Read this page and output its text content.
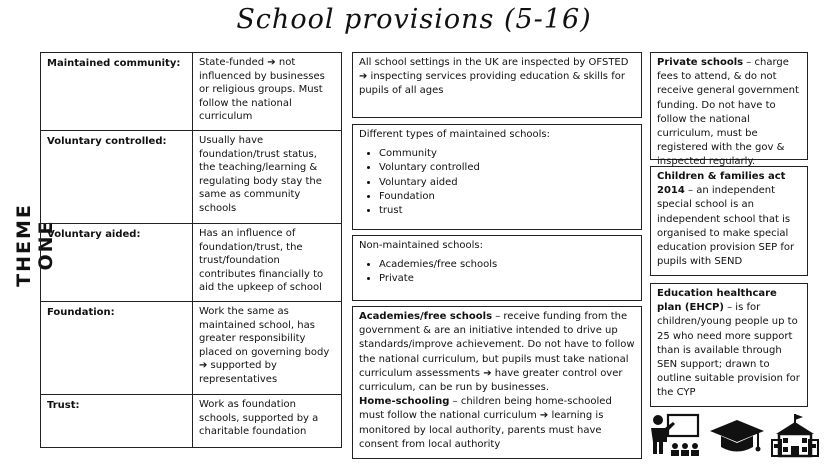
School provisions (5-16)
THEME ONE
Maintained community:	State-funded ➔ not influenced by businesses or religious groups. Must follow the national curriculum
Voluntary controlled:	Usually have foundation/trust status, the teaching/learning & regulating body stay the same as community schools
Voluntary aided:	Has an influence of foundation/trust, the trust/foundation contributes financially to aid the upkeep of school
Foundation:	Work the same as maintained school, has greater responsibility placed on governing body ➔ supported by representatives
Trust:	Work as foundation schools, supported by a charitable foundation
All school settings in the UK are inspected by OFSTED ➔ inspecting services providing education & skills for pupils of all ages
Different types of maintained schools:
• Community
• Voluntary controlled
• Voluntary aided
• Foundation
• trust
Non-maintained schools:
• Academies/free schools
• Private
Academies/free schools – receive funding from the government & are an initiative intended to drive up standards/improve achievement. Do not have to follow the national curriculum, but pupils must take national curriculum assessments ➔ have greater control over curriculum, can be run by businesses.
Home-schooling – children being home-schooled must follow the national curriculum ➔ learning is monitored by local authority, parents must have consent from local authority
Private schools – charge fees to attend, & do not receive general government funding. Do not have to follow the national curriculum, must be registered with the gov & inspected regularly.
Children & families act 2014 – an independent special school is an independent school that is organised to make special education provision SEP for pupils with SEND
Education healthcare plan (EHCP) – is for children/young people up to 25 who need more support than is available through SEN support; drawn to outline suitable provision for the CYP
